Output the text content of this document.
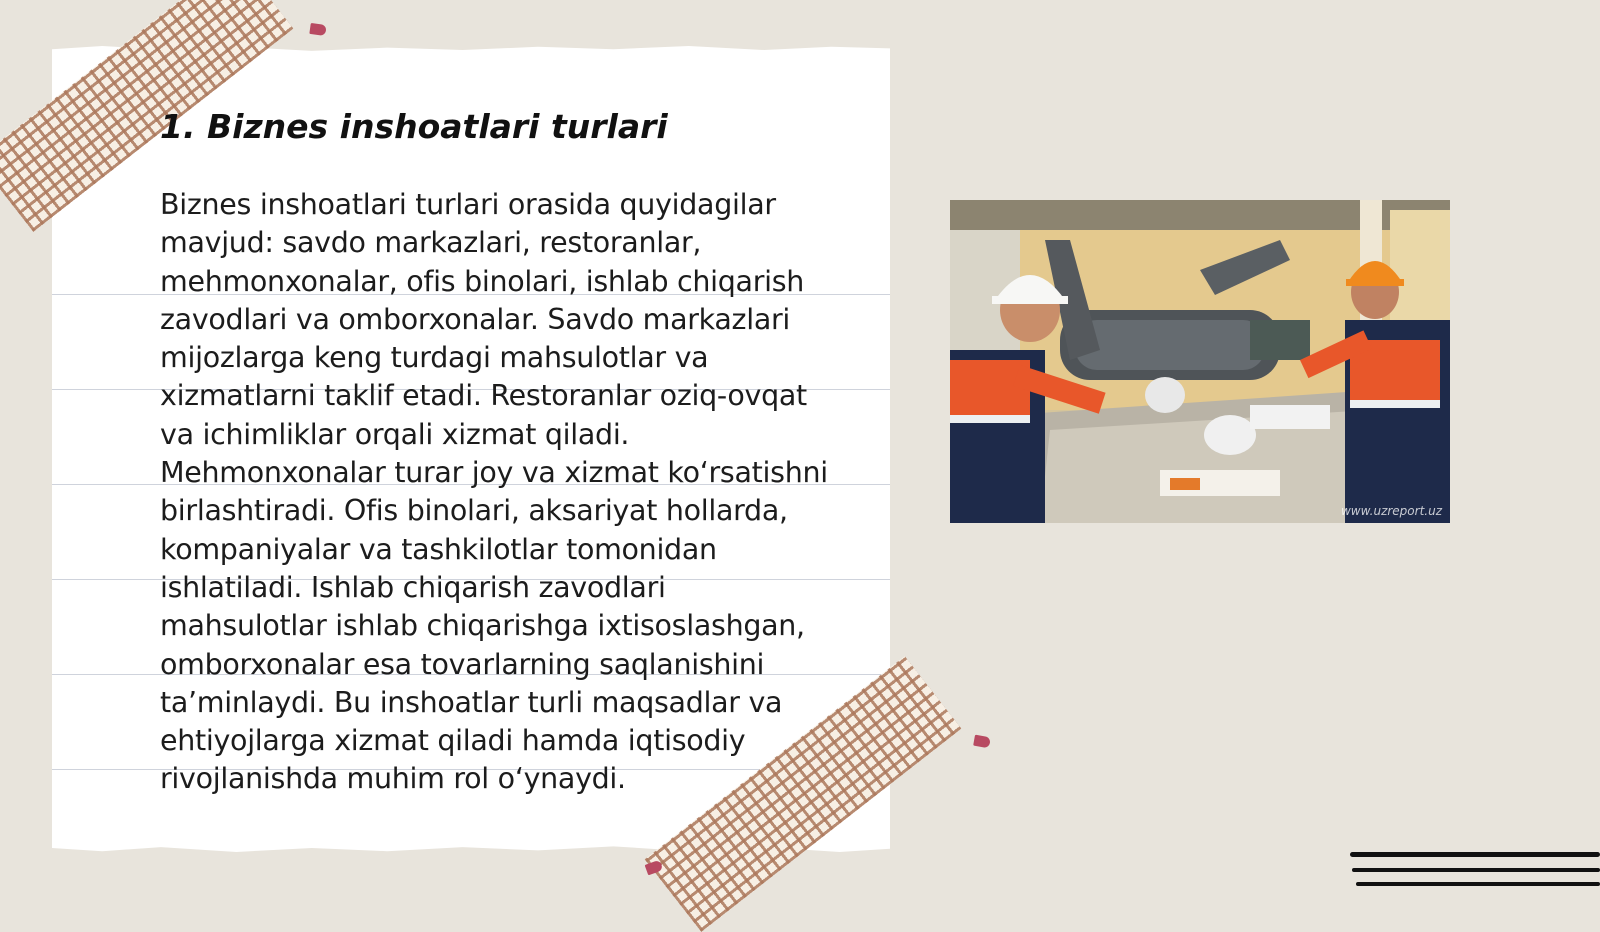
1. Biznes inshoatlari turlari

Biznes inshoatlari turlari orasida quyidagilar mavjud: savdo markazlari, restoranlar, mehmonxonalar, ofis binolari, ishlab chiqarish zavodlari va omborxonalar. Savdo markazlari mijozlarga keng turdagi mahsulotlar va xizmatlarni taklif etadi. Restoranlar oziq-ovqat va ichimliklar orqali xizmat qiladi. Mehmonxonalar turar joy va xizmat ko‘rsatishni birlashtiradi. Ofis binolari, aksariyat hollarda, kompaniyalar va tashkilotlar tomonidan ishlatiladi. Ishlab chiqarish zavodlari mahsulotlar ishlab chiqarishga ixtisoslashgan, omborxonalar esa tovarlarning saqlanishini ta’minlaydi. Bu inshoatlar turli maqsadlar va ehtiyojlarga xizmat qiladi hamda iqtisodiy rivojlanishda muhim rol o‘ynaydi.

www.uzreport.uz
